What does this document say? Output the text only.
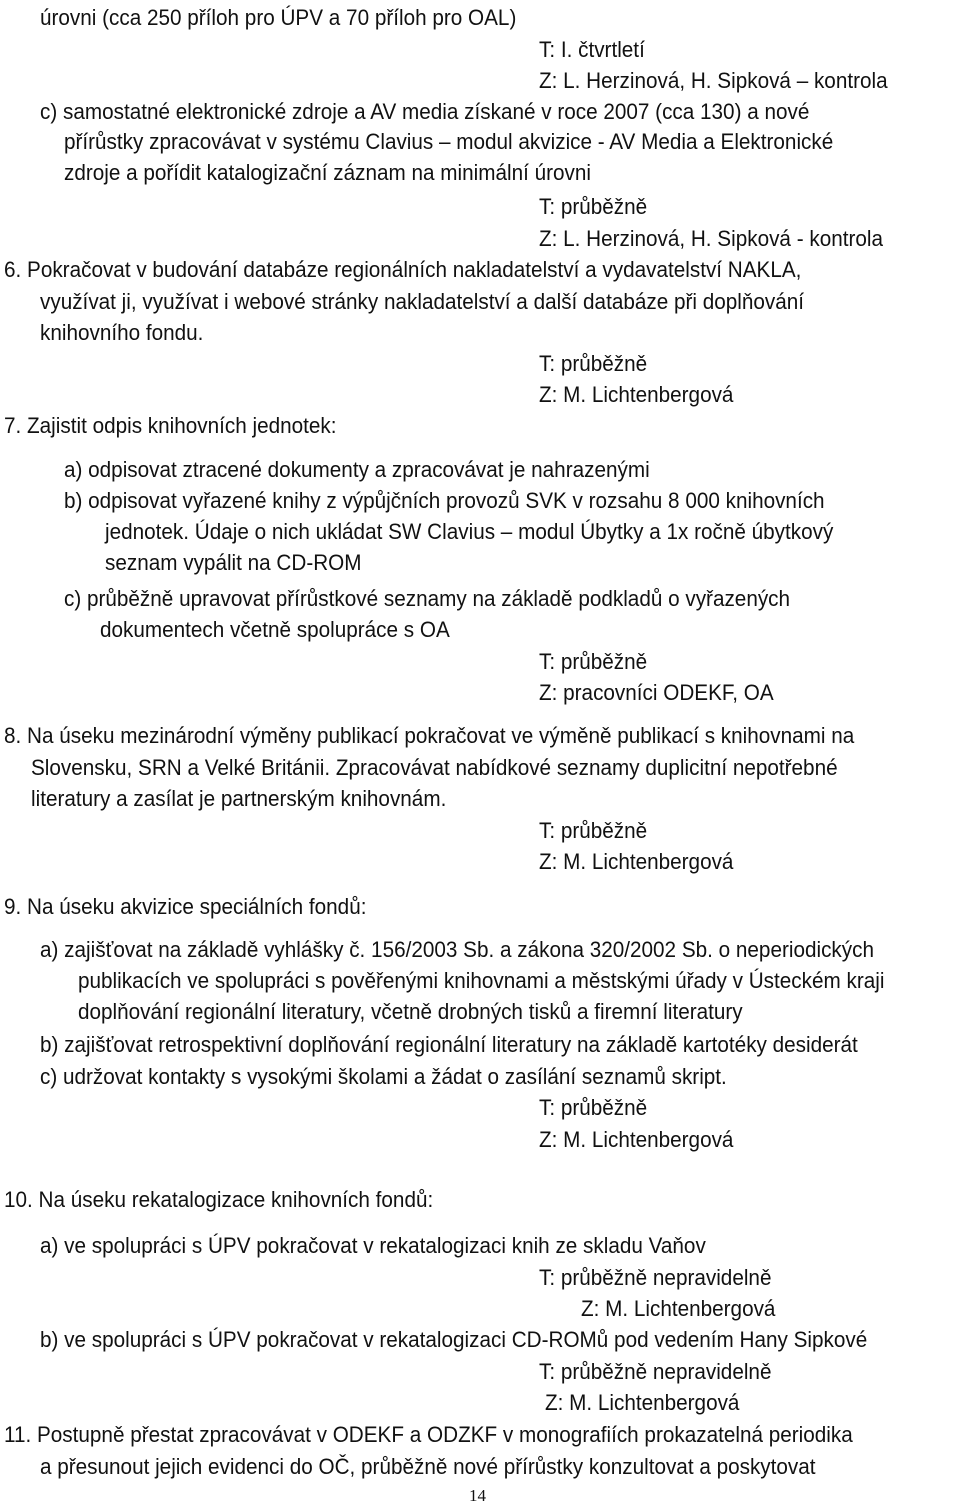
úrovni (cca 250 příloh pro ÚPV a 70 příloh pro OAL)
T: I. čtvrtletí
Z: L. Herzinová, H. Sipková – kontrola
c) samostatné elektronické zdroje a AV media získané v roce 2007 (cca 130) a nové
přírůstky zpracovávat v systému Clavius – modul akvizice - AV Media a Elektronické
zdroje a pořídit katalogizační záznam na minimální úrovni
T: průběžně
Z: L. Herzinová, H. Sipková - kontrola
6. Pokračovat v budování databáze regionálních nakladatelství a vydavatelství NAKLA,
využívat ji, využívat i webové stránky nakladatelství a další databáze při doplňování
knihovního fondu.
T: průběžně
Z: M. Lichtenbergová
7. Zajistit odpis knihovních jednotek:
a) odpisovat ztracené dokumenty a zpracovávat je nahrazenými
b) odpisovat vyřazené knihy z výpůjčních provozů SVK v rozsahu 8 000 knihovních
jednotek. Údaje o nich ukládat SW Clavius – modul Úbytky a 1x ročně úbytkový
seznam vypálit na CD-ROM
c) průběžně upravovat přírůstkové seznamy na základě podkladů o vyřazených
dokumentech včetně spolupráce s OA
T: průběžně
Z: pracovníci ODEKF, OA
8. Na úseku mezinárodní výměny publikací pokračovat ve výměně publikací s knihovnami na
Slovensku, SRN a Velké Británii. Zpracovávat nabídkové seznamy duplicitní nepotřebné
literatury a zasílat je partnerským knihovnám.
T: průběžně
Z: M. Lichtenbergová
9. Na úseku akvizice speciálních fondů:
a) zajišťovat na základě vyhlášky č. 156/2003 Sb. a zákona 320/2002 Sb. o neperiodických
publikacích ve spolupráci s pověřenými knihovnami a městskými úřady v Ústeckém kraji
doplňování regionální literatury, včetně drobných tisků a firemní literatury
b) zajišťovat retrospektivní doplňování regionální literatury na základě kartotéky desiderát
c) udržovat kontakty s vysokými školami a žádat o zasílání seznamů skript.
T: průběžně
Z: M. Lichtenbergová
10. Na úseku rekatalogizace knihovních fondů:
a) ve spolupráci s ÚPV pokračovat v rekatalogizaci knih ze skladu Vaňov
T: průběžně nepravidelně
Z: M. Lichtenbergová
b) ve spolupráci s ÚPV pokračovat v rekatalogizaci CD-ROMů pod vedením Hany Sipkové
T: průběžně nepravidelně
Z: M. Lichtenbergová
11. Postupně přestat zpracovávat v ODEKF a ODZKF v monografiích prokazatelná periodika
a přesunout jejich evidenci do OČ, průběžně nové přírůstky konzultovat a poskytovat
14
